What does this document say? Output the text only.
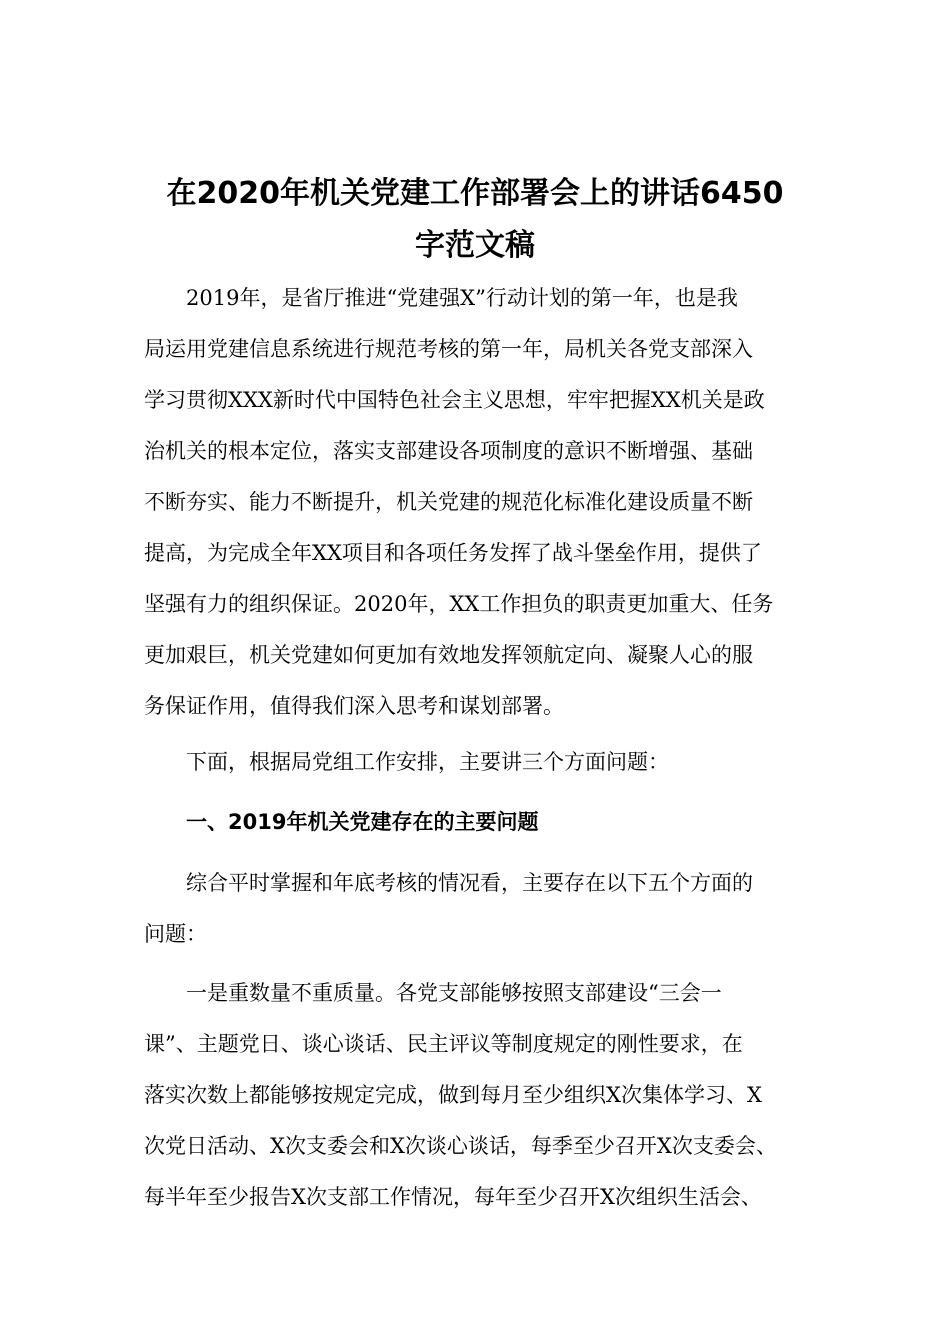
在2020年机关党建工作部署会上的讲话6450
字范文稿
2019年，是省厅推进“党建强X”行动计划的第一年，也是我
局运用党建信息系统进行规范考核的第一年，局机关各党支部深入
学习贯彻XXX新时代中国特色社会主义思想，牢牢把握XX机关是政
治机关的根本定位，落实支部建设各项制度的意识不断增强、基础
不断夯实、能力不断提升，机关党建的规范化标准化建设质量不断
提高，为完成全年XX项目和各项任务发挥了战斗堡垒作用，提供了
坚强有力的组织保证。2020年，XX工作担负的职责更加重大、任务
更加艰巨，机关党建如何更加有效地发挥领航定向、凝聚人心的服
务保证作用，值得我们深入思考和谋划部署。
下面，根据局党组工作安排，主要讲三个方面问题：
一、2019年机关党建存在的主要问题
综合平时掌握和年底考核的情况看，主要存在以下五个方面的
问题：
一是重数量不重质量。各党支部能够按照支部建设“三会一
课”、主题党日、谈心谈话、民主评议等制度规定的刚性要求，在
落实次数上都能够按规定完成，做到每月至少组织X次集体学习、X
次党日活动、X次支委会和X次谈心谈话，每季至少召开X次支委会、
每半年至少报告X次支部工作情况，每年至少召开X次组织生活会、
